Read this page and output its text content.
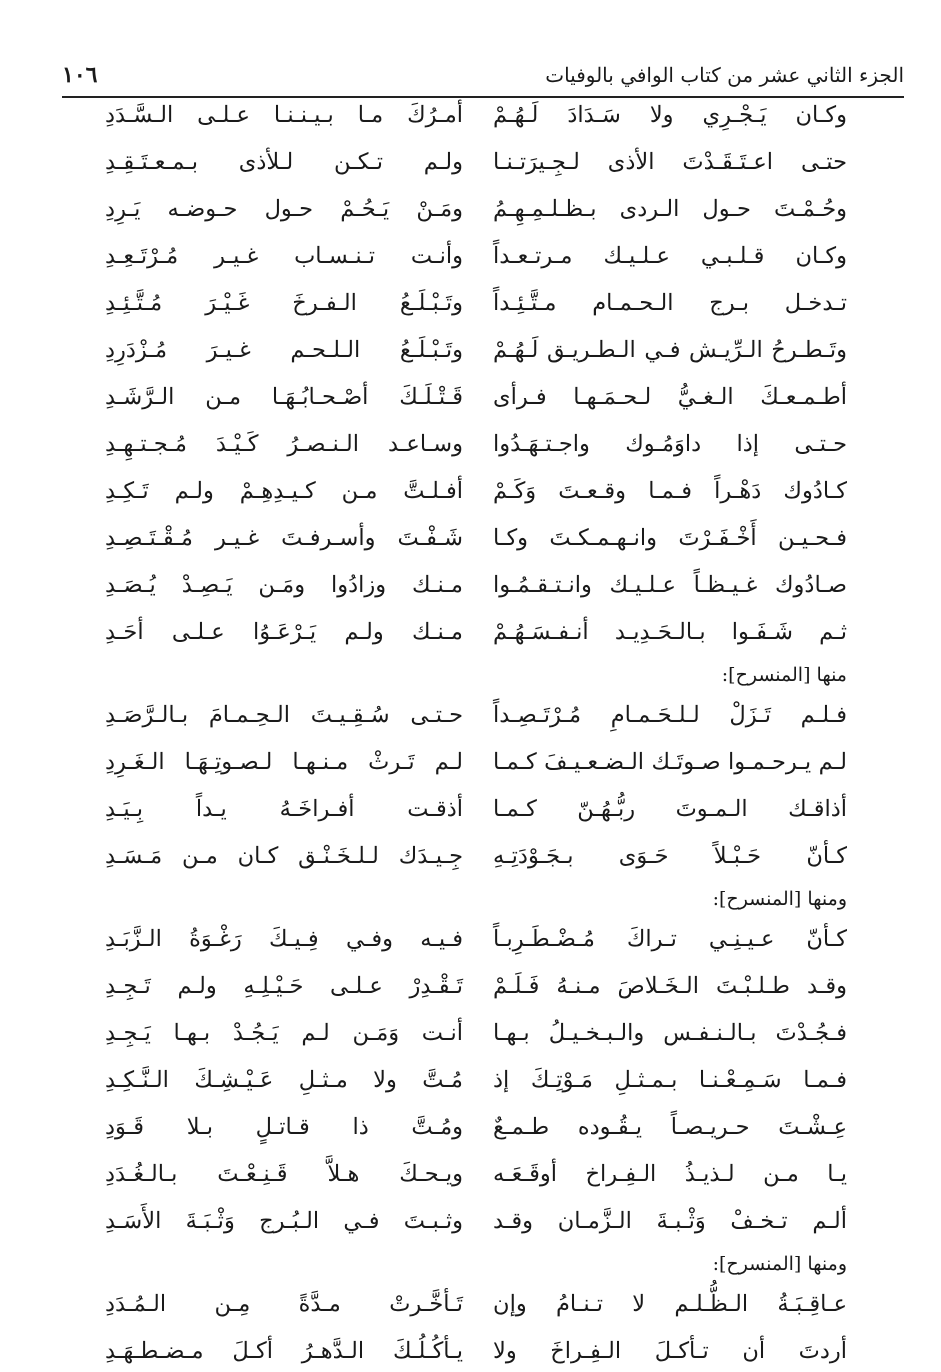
١٠٦	الجزء الثاني عشر من كتاب الوافي بالوفيات
وكـان
يَـجْـرِي
ولا
سَـدَادَ
لَـهُـمْ
أمـرُكَ
مـا
بـيـنـنـا
عـلـى
الـسَّـدَدِ
حتـى
اعـتَـقَـدْتَ
الأذى
لـجِـيرَتـنـا
ولـم
تـكـن
لـلأذى
بـمـعـتَـقِـدِ
وحُـمْـتَ
حـول
الـردى
بـظـلـمِـهِـمُ
ومَـنْ
يَـحُـمْ
حـول
حـوضـه
يَـرِدِ
وكـان
قـلـبـي
عـلـيـك
مـرتـعـداً
وأنـت
تـنـسـاب
غـيـر
مُـرْتَـعِـدِ
تـدخـل
بـرج
الـحـمـام
مـتَّـئِـداً
وتَـبْـلَـعُ
الـفـرخَ
غَـيْـرَ
مُـتَّـئِـدِ
وتَـطـرحُ
الـرِّيـش
فـي
الـطـريـق
لَـهُـمْ
وتَـبْـلَـعُ
الـلـحـم
غـيـرَ
مُـزْدَرِدِ
أطـمـعـكَ
الـغـيُّ
لـحـمَـهـا
فـرأى
قَـتْـلَـكَ
أصْـحـابُـهَـا
مـن
الـرَّشَـدِ
حـتـى
إذا
داوَمُـوك
واجـتـهَـدُوا
وسـاعـد
الـنـصـرُ
كَـيْـدَ
مُـجـتـهِـدِ
كـادُوك
دَهْـراً
فـمـا
وقـعـتَ
وَكَـمْ
أفـلـتَّ
مـن
كـيـدِهِـمْ
ولـم
تَـكِـدِ
فـحـيـن
أَخْـفَـرْتَ
وانـهـمـكـتَ
وكـا
شَـفْـتَ
وأسـرفـتَ
غـيـر
مُـقْـتَـصِـدِ
صـادُوك
غـيـظـاً
عـلـيـك
وانـتـقـمُـوا
مـنـك
وزادُوا
ومَـن
يَـصِـدْ
يُـصَـدِ
ثـم
شَـفَـوا
بـالـحَـدِيـد
أنـفـسَـهُـمْ
مـنـك
ولـم
يَـرْعَـوُا
عـلـى
أحَـدِ
منها [المنسرح]:
فـلـم
تَـزَلْ
لـلـحَـمـامِ
مُـرْتَـصِـداً
حـتـى
سُـقِـيـتَ
الـحِـمـامَ
بـالـرَّصَـدِ
لـم
يـرحـمـوا
صـوتَـك
الـضـعـيـفَ
كـمـا
لـم
تَـرثْ
مـنـهـا
لـصـوتِـهَـا
الـغَـرِدِ
أذاقـك
الـمـوتَ
ربُّـهُـنّ
كـمـا
أذقـت
أفـراخَـهُ
يـداً
بِـيَـدِ
كـأنّ
حَـبْـلاً
حَـوَى
بـجَـوْدَتِـهِ
جِـيـدَك
لـلـخَـنْـق
كـان
مـن
مَـسَـدِ
ومنها [المنسرح]:
كـأنّ
عـيـنِـي
تـراكَ
مُـضْـطَـرِبـاً
فـيـه
وفـي
فِـيـكَ
رَغْـوَةُ
الـزَّبَـدِ
وقـد
طـلـبْـتَ
الـخَـلاصَ
مـنـهُ
فَـلَـمْ
تَـقْـدِرْ
عـلـى
حَـيْـلِـهِ
ولـم
تَـجِـدِ
فـجُـدْتَ
بـالـنـفـس
والـبـخـيـلُ
بـهـا
أنـت
وَمَـن
لـم
يَـجُـدْ
بـهـا
يَـجِـدِ
فـمـا
سَـمِـعْـنـا
بـمـثـلِ
مَـوْتِـكَ
إذ
مُـتَّ
ولا
مـثـلِ
عَـيْـشِـكَ
الـنَّـكِـدِ
عِـشْـتَ
حـريـصـاً
يـقُـوده
طـمـعٌ
ومُـتَّ
ذا
قـاتـلٍ
بـلا
قَـوَدِ
يـا
مـن
لـذيـذُ
الـفِـراخ
أوقَـعَـه
ويـحـكَ
هـلاَّ
قَـنِـعْـتَ
بـالـغُـدَدِ
ألـم
تـخـفْ
وَثْـبـةَ
الـزَّمـان
وقـد
وثـبـتَ
فـي
الـبُـرج
وَثْـبَـةَ
الأَسَـدِ
ومنها [المنسرح]:
عـاقِـبَـةُ
الـظُّـلـم
لا
تـنـامُ
وإن
تَـأخَّـرتْ
مـدَّةً
مِـن
الـمُـدَدِ
أردتَ
أن
تـأكـلَ
الـفِـراخَ
ولا
يـأكُـلُـكَ
الـدَّهـرُ
أكـلَ
مـضـطـهَـدِ
